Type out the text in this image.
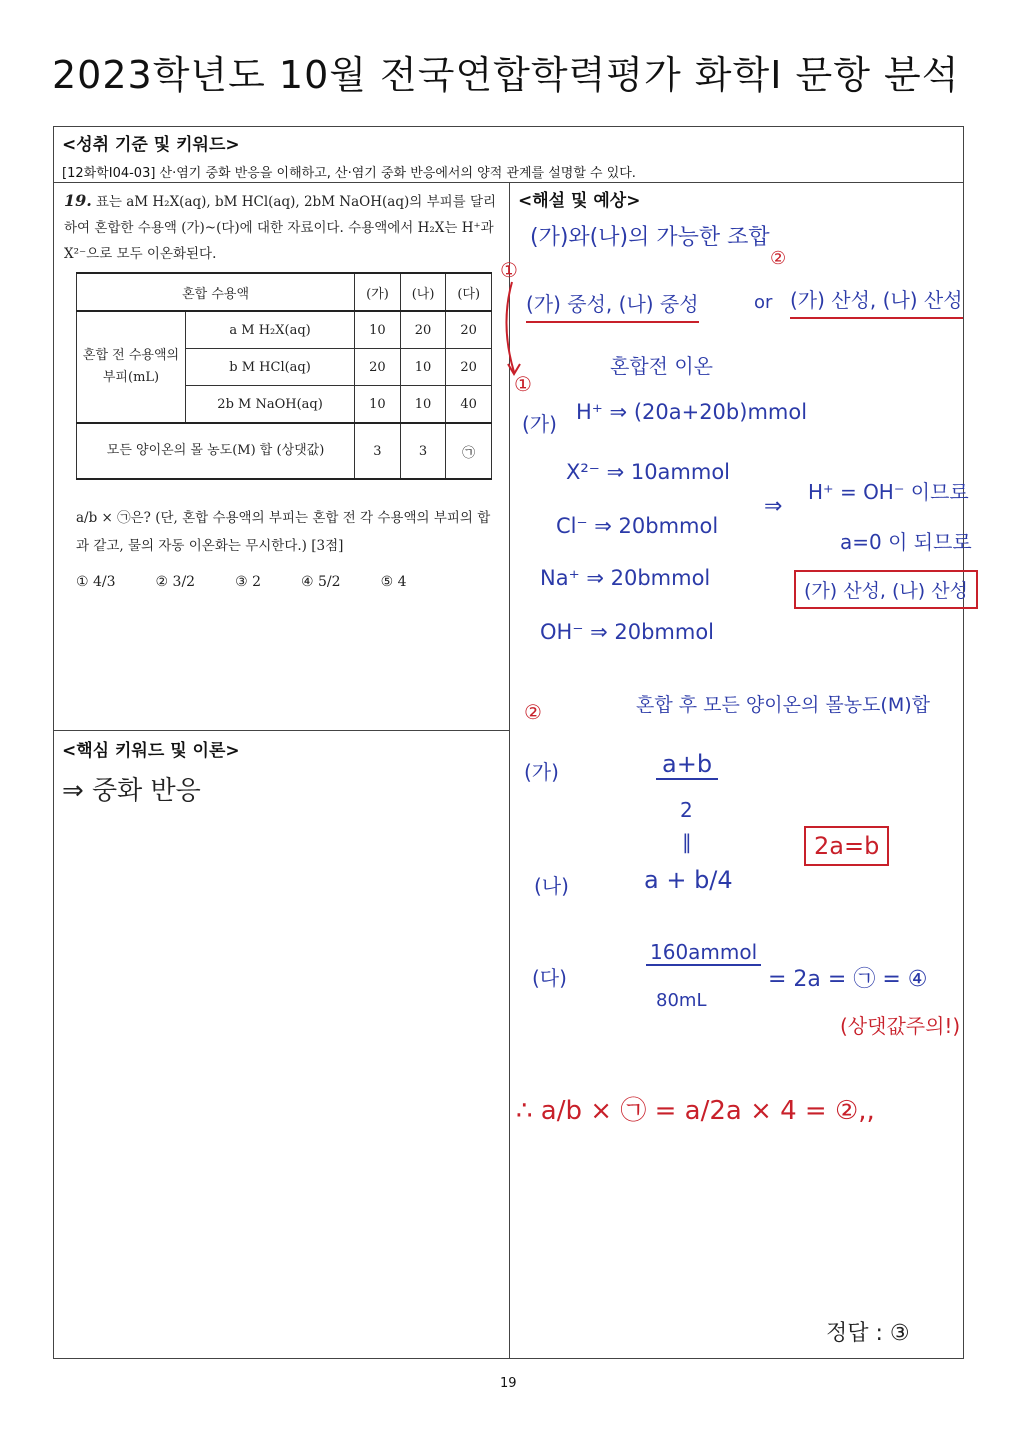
2023학년도 10월 전국연합학력평가 화학Ⅰ 문항 분석
<성취 기준 및 키워드>
[12화학Ⅰ04-03] 산·염기 중화 반응을 이해하고, 산·염기 중화 반응에서의 양적 관계를 설명할 수 있다.
<해설 및 예상>
<핵심 키워드 및 이론>
19. 표는 aM H₂X(aq), bM HCl(aq), 2bM NaOH(aq)의 부피를 달리하여 혼합한 수용액 (가)~(다)에 대한 자료이다. 수용액에서 H₂X는 H⁺과 X²⁻으로 모두 이온화된다.
혼합 수용액		(가)	(나)	(다)
혼합 전 수용액의 부피(mL)	a M H₂X(aq)	10	20	20
	b M HCl(aq)	20	10	20
	2b M NaOH(aq)	10	10	40
모든 양이온의 몰 농도(M) 합 (상댓값)		3	3	㉠
a/b × ㉠은? (단, 혼합 수용액의 부피는 혼합 전 각 수용액의 부피의 합과 같고, 물의 자동 이온화는 무시한다.) [3점]
① 4/3	② 3/2	③ 2	④ 5/2	⑤ 4
⇒ 중화 반응
(가)와(나)의 가능한 조합
①	②
(가) 중성, (나) 중성	or (가) 산성, (나) 산성
①
혼합전 이온
(가) H⁺ ⇒ (20a+20b)mmol
X²⁻ ⇒ 10ammol
Cl⁻ ⇒ 20bmmol
Na⁺ ⇒ 20bmmol
OH⁻ ⇒ 20bmmol
⇒
H⁺ = OH⁻ 이므로
a=0 이 되므로
(가) 산성, (나) 산성
②	혼합 후 모든 양이온의 몰농도(M)합
(가)	a+b
2
∥
(나)	a + b/4
2a=b
(다)
160ammol
80mL
= 2a = ㉠ = ④
(상댓값주의!)
∴ a/b × ㉠ = a/2a × 4 = ②,,
정답 : ③
19
